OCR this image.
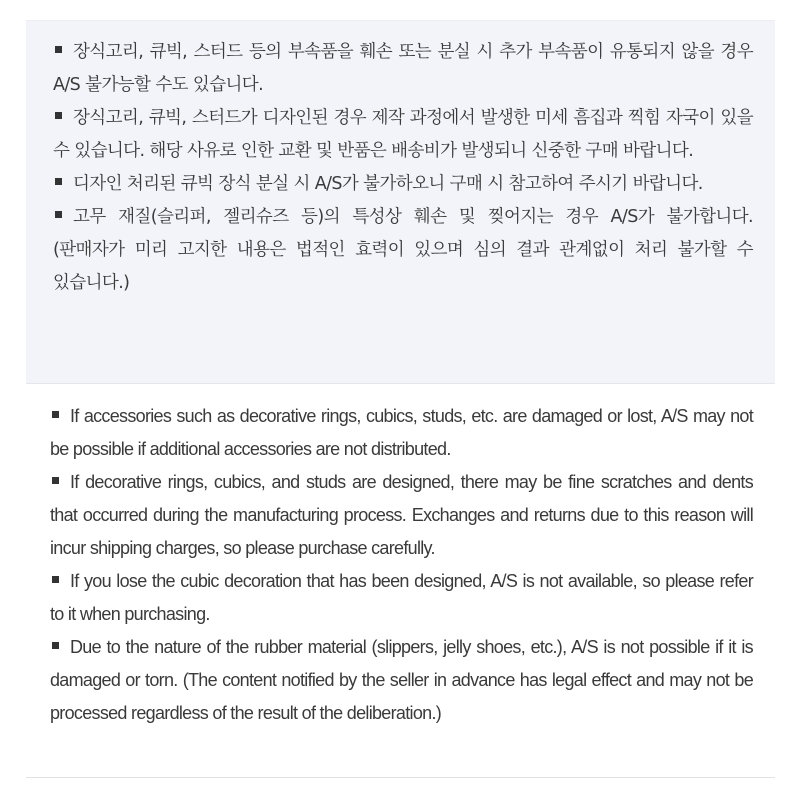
장식고리, 큐빅, 스터드 등의 부속품을 훼손 또는 분실 시 추가 부속품이 유통되지 않을 경우 A/S 불가능할 수도 있습니다.

장식고리, 큐빅, 스터드가 디자인된 경우 제작 과정에서 발생한 미세 흠집과 찍힘 자국이 있을 수 있습니다. 해당 사유로 인한 교환 및 반품은 배송비가 발생되니 신중한 구매 바랍니다.

디자인 처리된 큐빅 장식 분실 시 A/S가 불가하오니 구매 시 참고하여 주시기 바랍니다.

고무 재질(슬리퍼, 젤리슈즈 등)의 특성상 훼손 및 찢어지는 경우 A/S가 불가합니다. (판매자가 미리 고지한 내용은 법적인 효력이 있으며 심의 결과 관계없이 처리 불가할 수 있습니다.)

If accessories such as decorative rings, cubics, studs, etc. are damaged or lost, A/S may not be possible if additional accessories are not distributed.

If decorative rings, cubics, and studs are designed, there may be fine scratches and dents that occurred during the manufacturing process. Exchanges and returns due to this reason will incur shipping charges, so please purchase carefully.

If you lose the cubic decoration that has been designed, A/S is not available, so please refer to it when purchasing.

Due to the nature of the rubber material (slippers, jelly shoes, etc.), A/S is not possible if it is damaged or torn. (The content notified by the seller in advance has legal effect and may not be processed regardless of the result of the deliberation.)
